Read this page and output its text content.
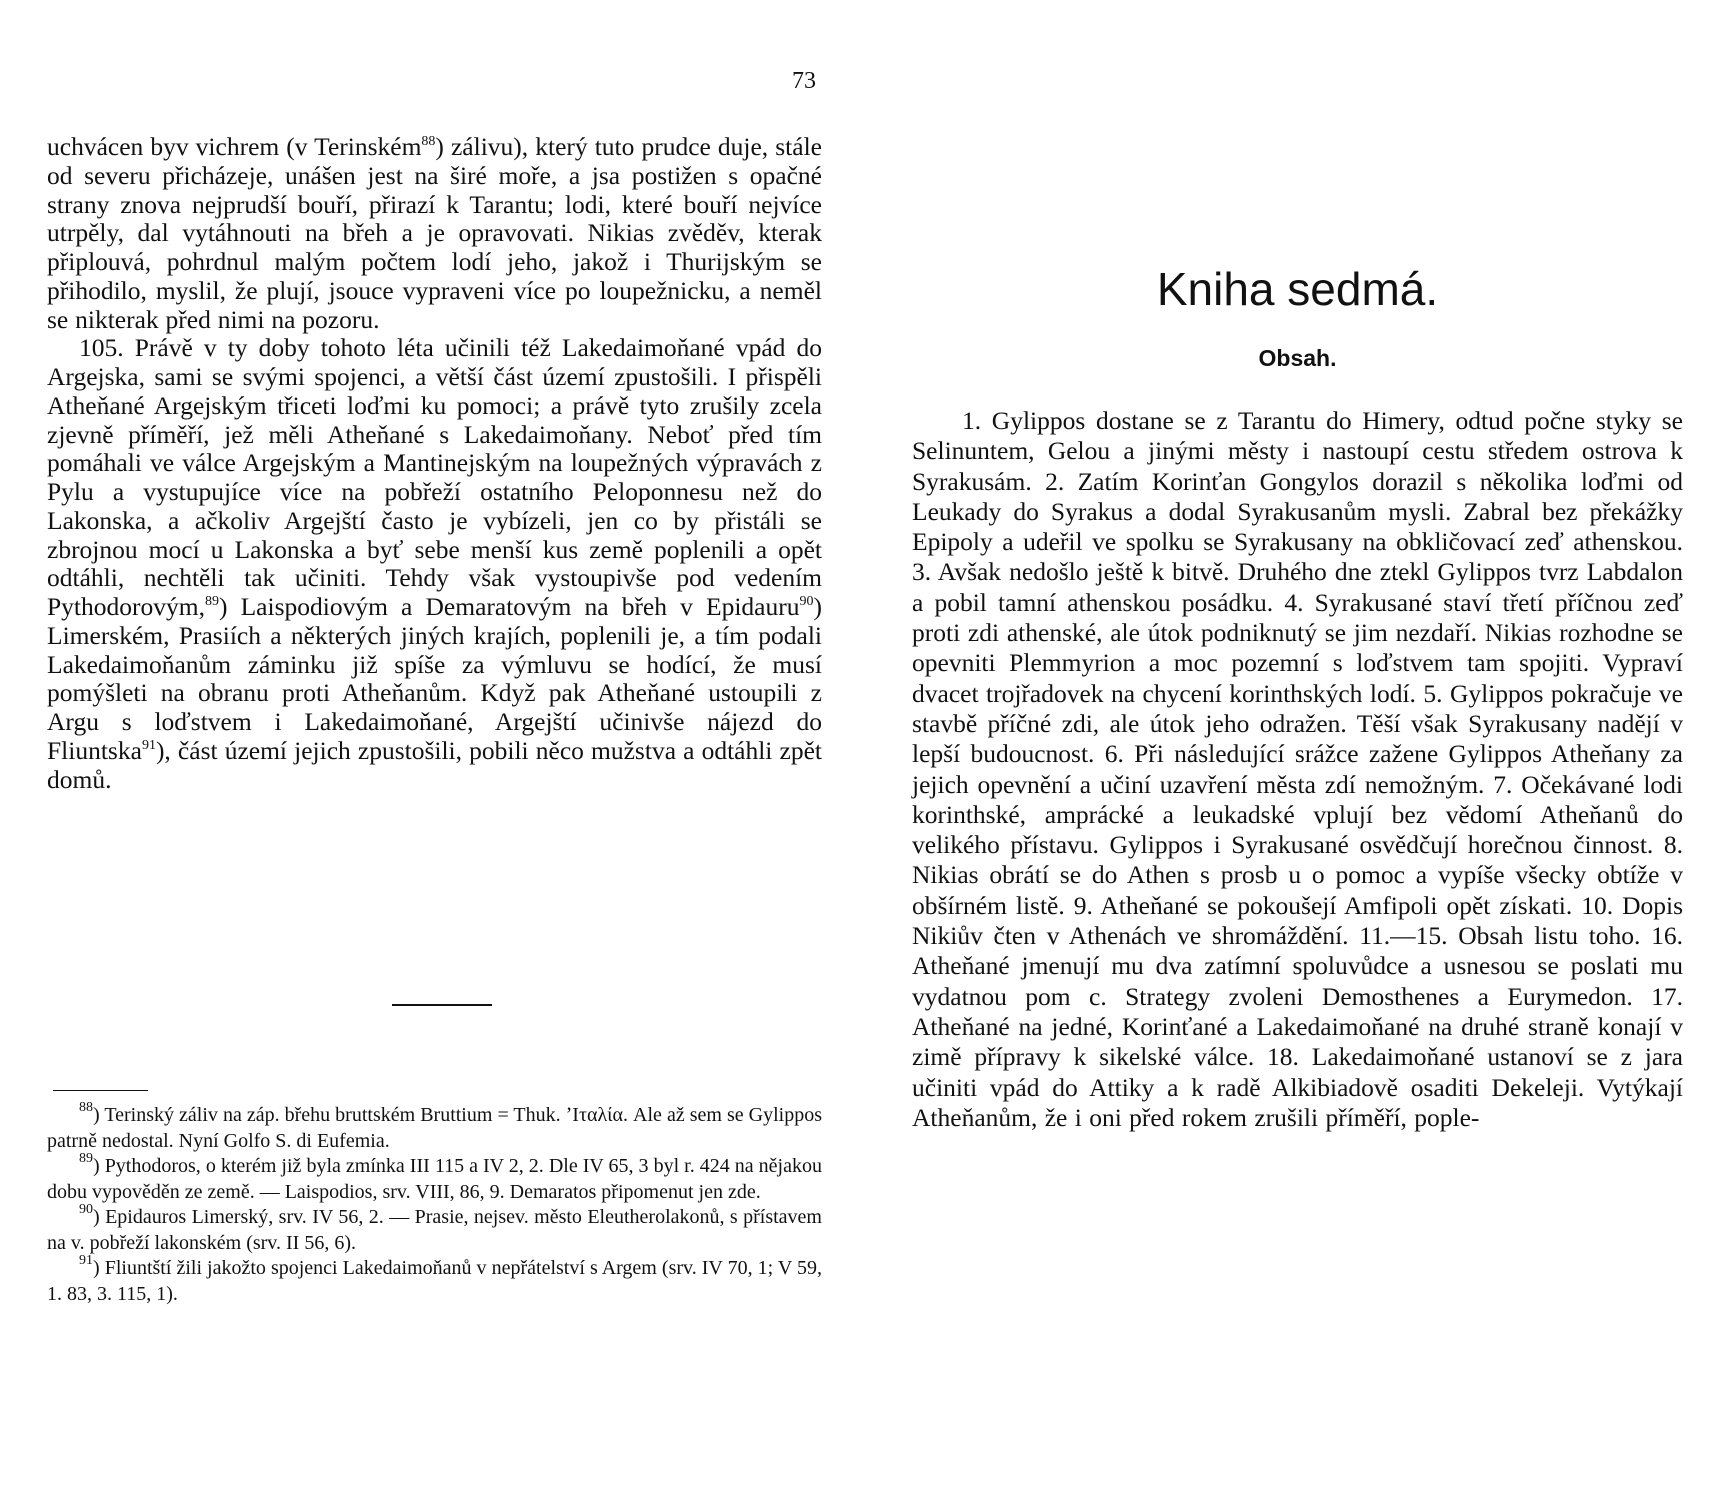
73

uchvácen byv vichrem (v Terinském$^{88}$) zálivu), který tuto prudce duje, stále od severu přicházeje, unášen jest na širé moře, a jsa postižen s opačné strany znova nejprudší bouří, přirazí k Tarantu; lodi, které bouří nejvíce utrpěly, dal vytáhnouti na břeh a je opravovati. Nikias zvěděv, kterak připlouvá, pohrdnul malým počtem lodí jeho, jakož i Thurijským se přihodilo, myslil, že plují, jsouce vypraveni více po loupežnicku, a neměl se nikterak před nimi na pozoru.

105. Právě v ty doby tohoto léta učinili též Lakedaimoňané vpád do Argejska, sami se svými spojenci, a větší část území zpustošili. I přispěli Atheňané Argejským třiceti loďmi ku pomoci; a právě tyto zrušily zcela zjevně příměří, jež měli Atheňané s Lakedaimoňany. Neboť před tím pomáhali ve válce Argejským a Mantinejským na loupežných výpravách z Pylu a vystupujíce více na pobřeží ostatního Peloponnesu než do Lakonska, a ačkoliv Argejští často je vybízeli, jen co by přistáli se zbrojnou mocí u Lakonska a byť sebe menší kus země poplenili a opět odtáhli, nechtěli tak učiniti. Tehdy však vystoupivše pod vedením Pythodorovým,$^{89}$) Laispodiovým a Demaratovým na břeh v Epidauru$^{90}$) Limerském, Prasiích a některých jiných krajích, poplenili je, a tím podali Lakedaimoňanům záminku již spíše za výmluvu se hodící, že musí pomýšleti na obranu proti Atheňanům. Když pak Atheňané ustoupili z Argu s loďstvem i Lakedaimoňané, Argejští učinivše nájezd do Fliuntska$^{91}$), část území jejich zpustošili, pobili něco mužstva a odtáhli zpět domů.

$^{88}$) Terinský záliv na záp. břehu bruttském Bruttium = Thuk. ʼΙταλία. Ale až sem se Gylippos patrně nedostal. Nyní Golfo S. di Eufemia.

$^{89}$) Pythodoros, o kterém již byla zmínka III 115 a IV 2, 2. Dle IV 65, 3 byl r. 424 na nějakou dobu vypověděn ze země. — Laispodios, srv. VIII, 86, 9. Demaratos připomenut jen zde.

$^{90}$) Epidauros Limerský, srv. IV 56, 2. — Prasie, nejsev. město Eleutherolakonů, s přístavem na v. pobřeží lakonském (srv. II 56, 6).

$^{91}$) Fliuntští žili jakožto spojenci Lakedaimoňanů v nepřátelství s Argem (srv. IV 70, 1; V 59, 1. 83, 3. 115, 1).

Kniha sedmá.
Obsah.

1. Gylippos dostane se z Tarantu do Himery, odtud počne styky se Selinuntem, Gelou a jinými městy i nastoupí cestu středem ostrova k Syrakusám. 2. Zatím Korinťan Gongylos dorazil s několika loďmi od Leukady do Syrakus a dodal Syrakusanům mysli. Zabral bez překážky Epipoly a udeřil ve spolku se Syrakusany na obkličovací zeď athenskou. 3. Avšak nedošlo ještě k bitvě. Druhého dne ztekl Gylippos tvrz Labdalon a pobil tamní athenskou posádku. 4. Syrakusané staví třetí příčnou zeď proti zdi athenské, ale útok podniknutý se jim nezdaří. Nikias rozhodne se opevniti Plemmyrion a moc pozemní s loďstvem tam spojiti. Vypraví dvacet trojřadovek na chycení korinthských lodí. 5. Gylippos pokračuje ve stavbě příčné zdi, ale útok jeho odražen. Těší však Syrakusany nadějí v lepší budoucnost. 6. Při následující srážce zažene Gylippos Atheňany za jejich opevnění a učiní uzavření města zdí nemožným. 7. Očekávané lodi korinthské, amprácké a leukadské vplují bez vědomí Atheňanů do velikého přístavu. Gylippos i Syrakusané osvědčují horečnou činnost. 8. Nikias obrátí se do Athen s prosb u o pomoc a vypíše všecky obtíže v obšírném listě. 9. Atheňané se pokoušejí Amfipoli opět získati. 10. Dopis Nikiův čten v Athenách ve shromáždění. 11.—15. Obsah listu toho. 16. Atheňané jmenují mu dva zatímní spoluvůdce a usnesou se poslati mu vydatnou pom c. Strategy zvoleni Demosthenes a Eurymedon. 17. Atheňané na jedné, Korinťané a Lakedaimoňané na druhé straně konají v zimě přípravy k sikelské válce. 18. Lakedaimoňané ustanoví se z jara učiniti vpád do Attiky a k radě Alkibiadově osaditi Dekeleji. Vytýkají Atheňanům, že i oni před rokem zrušili příměří, pople-
